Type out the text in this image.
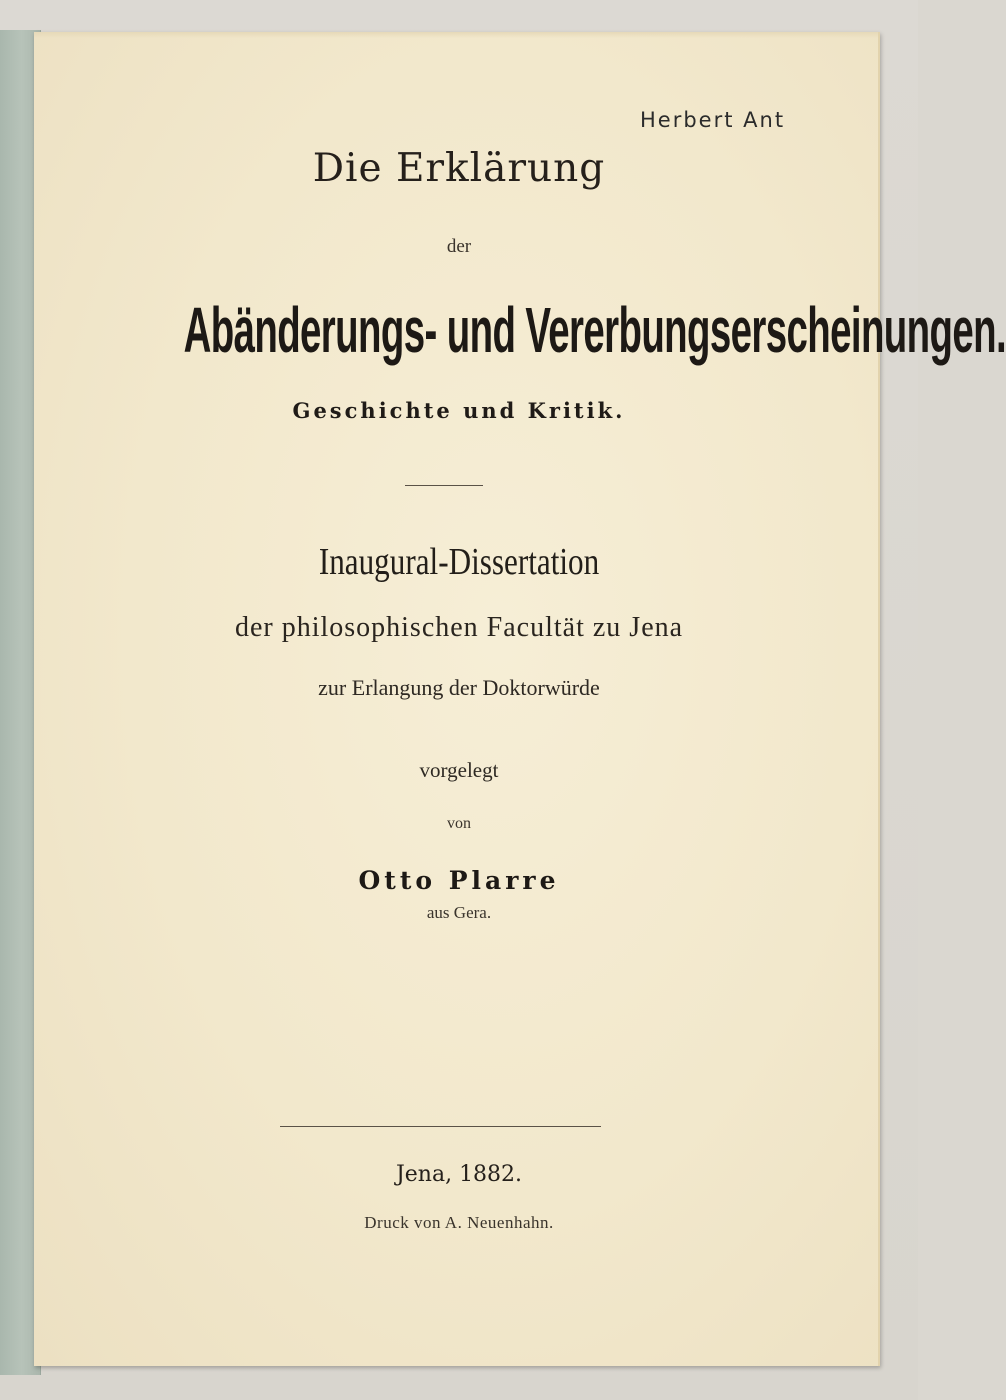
Herbert Ant
Die Erklärung
der
Abänderungs- und Vererbungserscheinungen.
Geschichte und Kritik.
Inaugural-Dissertation
der philosophischen Facultät zu Jena
zur Erlangung der Doktorwürde
vorgelegt
von
Otto Plarre
aus Gera.
Jena, 1882.
Druck von A. Neuenhahn.
